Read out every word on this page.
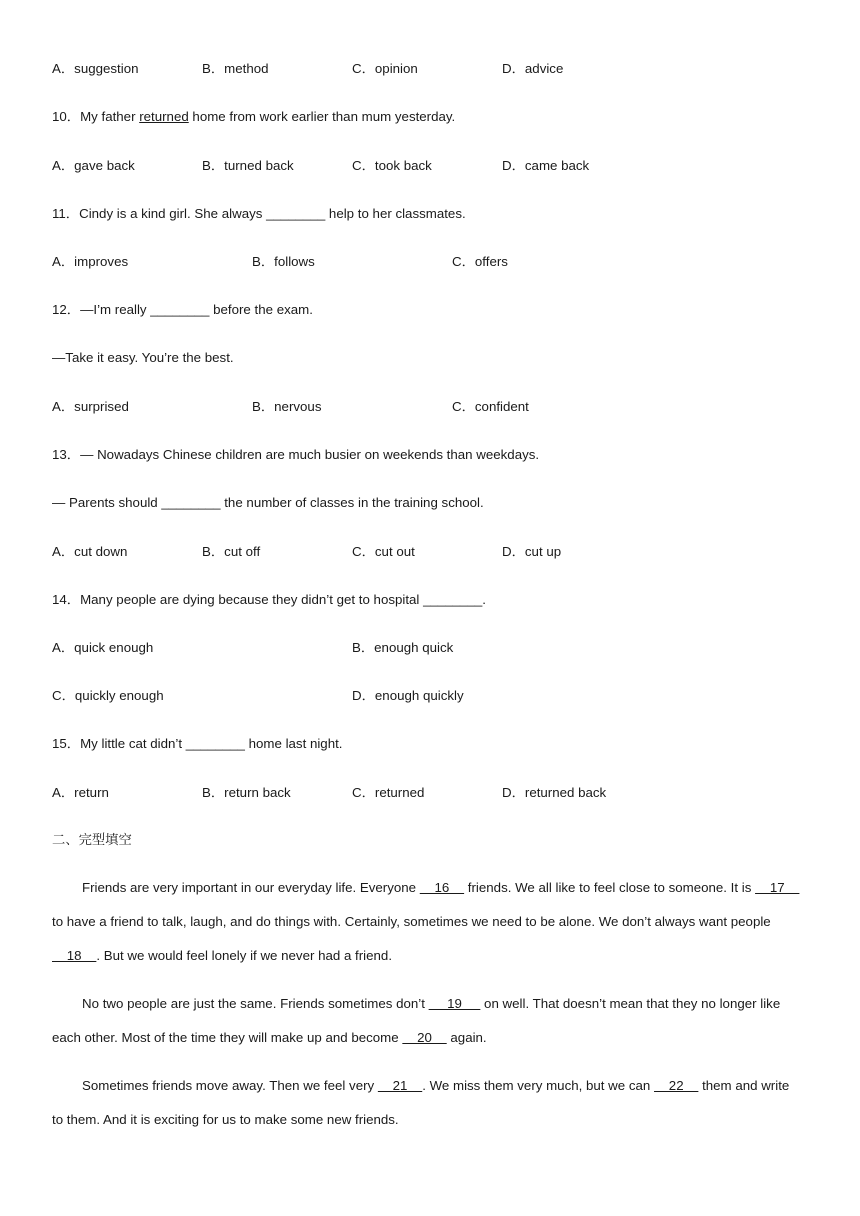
A．suggestion	B．method	C．opinion	D．advice
10．My father returned home from work earlier than mum yesterday.
A．gave back	B．turned back	C．took back	D．came back
11．Cindy is a kind girl. She always ________ help to her classmates.
A．improves	B．follows	C．offers
12．—I’m really ________ before the exam.
—Take it easy. You’re the best.
A．surprised	B．nervous	C．confident
13．— Nowadays Chinese children are much busier on weekends than weekdays.
— Parents should ________ the number of classes in the training school.
A．cut down	B．cut off	C．cut out	D．cut up
14．Many people are dying because they didn’t get to hospital ________.
A．quick enough	B．enough quick
C．quickly enough	D．enough quickly
15．My little cat didn’t ________ home last night.
A．return	B．return back	C．returned	D．returned back
二、完型填空
Friends are very important in our everyday life. Everyone     16     friends. We all like to feel close to someone. It is     17     to have a friend to talk, laugh, and do things with. Certainly, sometimes we need to be alone. We don’t always want people     18    . But we would feel lonely if we never had a friend.
No two people are just the same. Friends sometimes don’t      19      on well. That doesn’t mean that they no longer like each other. Most of the time they will make up and become     20     again.
Sometimes friends move away. Then we feel very     21    . We miss them very much, but we can     22     them and write to them. And it is exciting for us to make some new friends.
